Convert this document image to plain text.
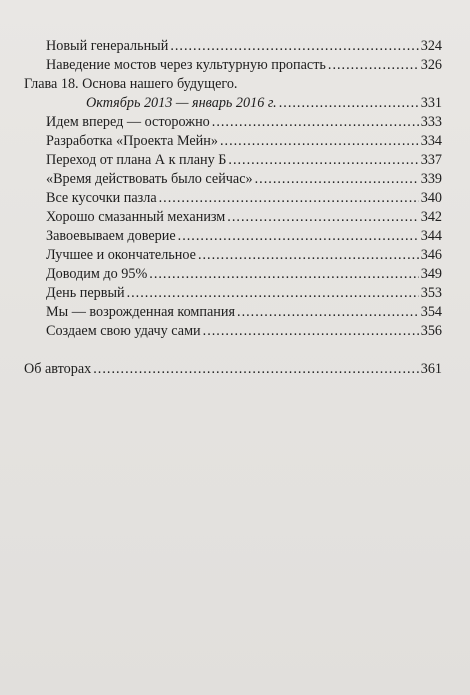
Новый генеральный .....	324
Наведение мостов через культурную пропасть .....	326
Глава 18. Основа нашего будущего.
Октябрь 2013 — январь 2016 г. .....	331
Идем вперед — осторожно .....	333
Разработка «Проекта Мейн» .....	334
Переход от плана А к плану Б .....	337
«Время действовать было сейчас» .....	339
Все кусочки пазла .....	340
Хорошо смазанный механизм .....	342
Завоевываем доверие .....	344
Лучшее и окончательное .....	346
Доводим до 95% .....	349
День первый .....	353
Мы — возрожденная компания .....	354
Создаем свою удачу сами .....	356
Об авторах .....	361
